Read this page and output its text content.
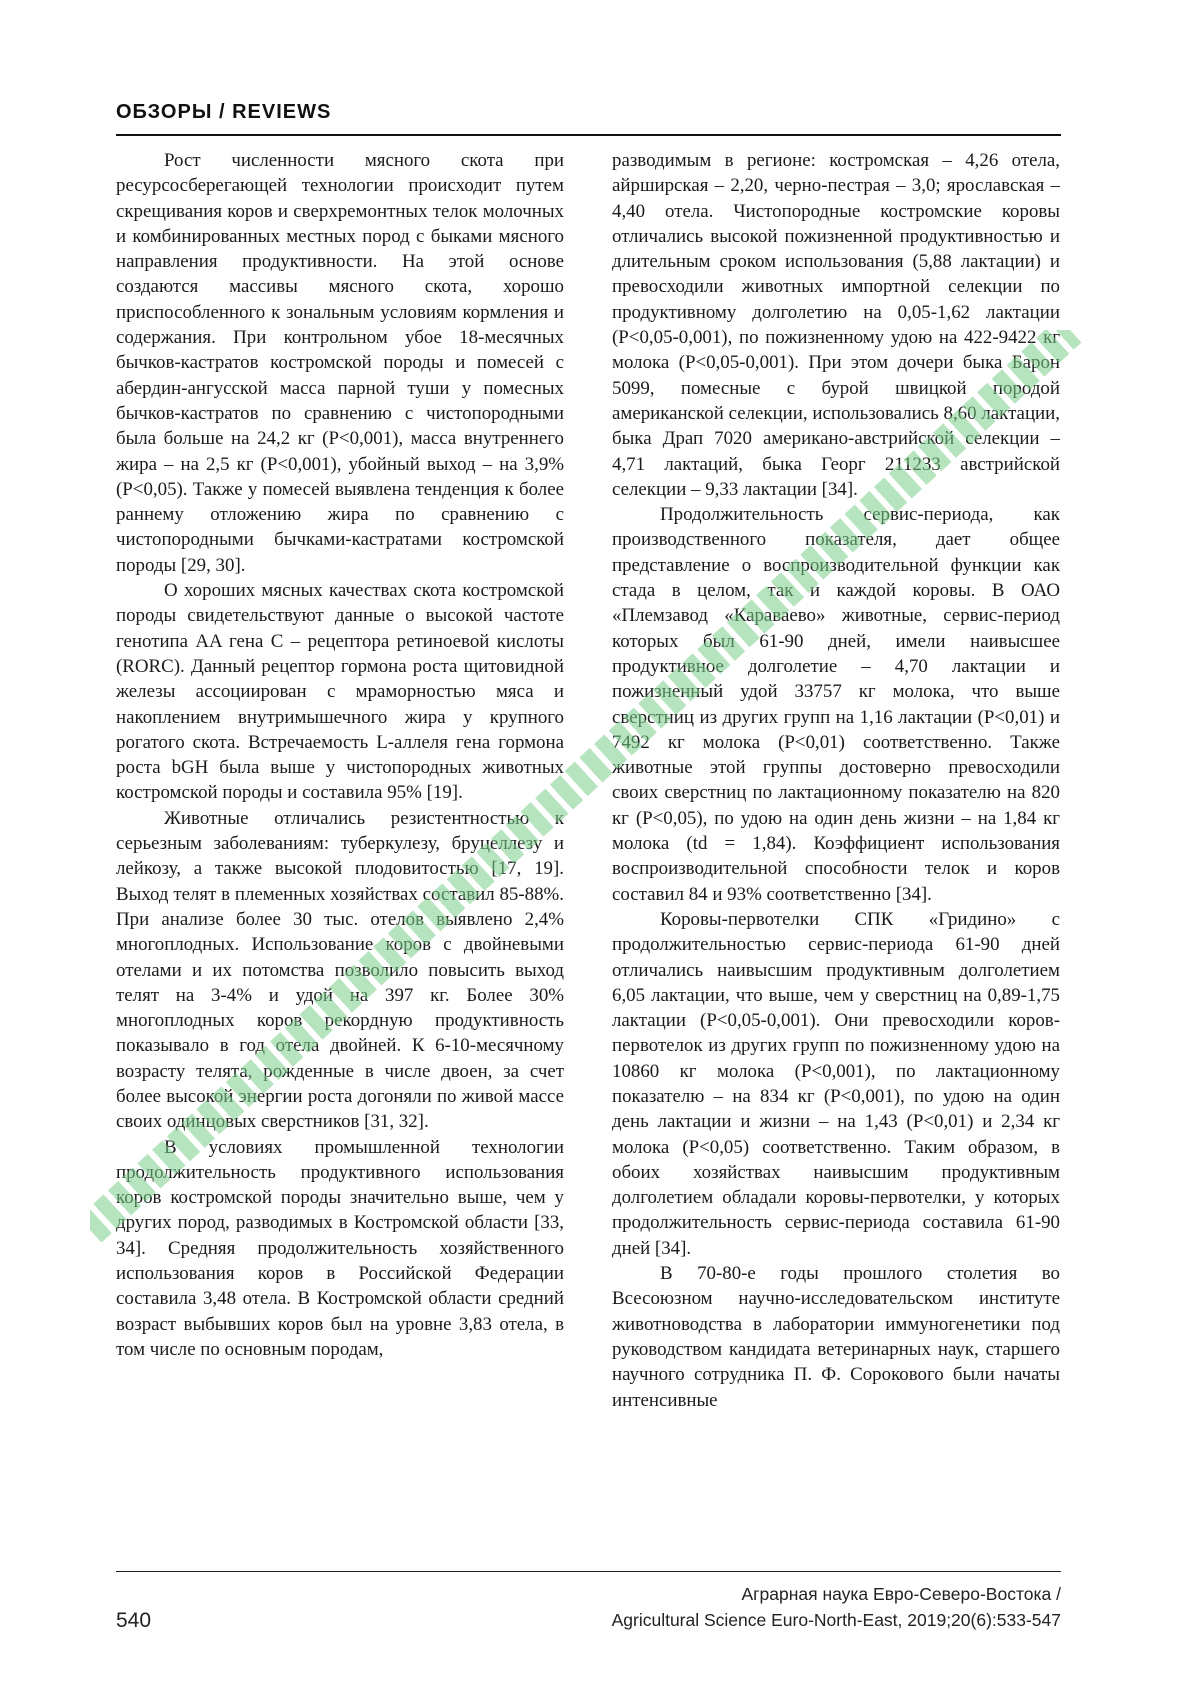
ОБЗОРЫ / REVIEWS

Рост численности мясного скота при ресурсосберегающей технологии происходит путем скрещивания коров и сверхремонтных телок молочных и комбинированных местных пород с быками мясного направления продуктивности. На этой основе создаются массивы мясного скота, хорошо приспособленного к зональным условиям кормления и содержания. При контрольном убое 18-месячных бычков-кастратов костромской породы и помесей с абердин-ангусской масса парной туши у помесных бычков-кастратов по сравнению с чистопородными была больше на 24,2 кг (P<0,001), масса внутреннего жира – на 2,5 кг (P<0,001), убойный выход – на 3,9% (P<0,05). Также у помесей выявлена тенденция к более раннему отложению жира по сравнению с чистопородными бычками-кастратами костромской породы [29, 30].

О хороших мясных качествах скота костромской породы свидетельствуют данные о высокой частоте генотипа AA гена C – рецептора ретиноевой кислоты (RORC). Данный рецептор гормона роста щитовидной железы ассоциирован с мраморностью мяса и накоплением внутримышечного жира у крупного рогатого скота. Встречаемость L-аллеля гена гормона роста bGH была выше у чистопородных животных костромской породы и составила 95% [19].

Животные отличались резистентностью к серьезным заболеваниям: туберкулезу, бруцеллезу и лейкозу, а также высокой плодовитостью [17, 19]. Выход телят в племенных хозяйствах составил 85-88%. При анализе более 30 тыс. отелов выявлено 2,4% многоплодных. Использование коров с двойневыми отелами и их потомства позволило повысить выход телят на 3-4% и удой на 397 кг. Более 30% многоплодных коров рекордную продуктивность показывало в год отела двойней. К 6-10-месячному возрасту телята, рожденные в числе двоен, за счет более высокой энергии роста догоняли по живой массе своих одинцовых сверстников [31, 32].

В условиях промышленной технологии продолжительность продуктивного использования коров костромской породы значительно выше, чем у других пород, разводимых в Костромской области [33, 34]. Средняя продолжительность хозяйственного использования коров в Российской Федерации составила 3,48 отела. В Костромской области средний возраст выбывших коров был на уровне 3,83 отела, в том числе по основным породам,

разводимым в регионе: костромская – 4,26 отела, айрширская – 2,20, черно-пестрая – 3,0; ярославская – 4,40 отела. Чистопородные костромские коровы отличались высокой пожизненной продуктивностью и длительным сроком использования (5,88 лактации) и превосходили животных импортной селекции по продуктивному долголетию на 0,05-1,62 лактации (P<0,05-0,001), по пожизненному удою на 422-9422 кг молока (P<0,05-0,001). При этом дочери быка Барон 5099, помесные с бурой швицкой породой американской селекции, использовались 8,60 лактации, быка Драп 7020 американо-австрийской селекции – 4,71 лактаций, быка Георг 211233 австрийской селекции – 9,33 лактации [34].

Продолжительность сервис-периода, как производственного показателя, дает общее представление о воспроизводительной функции как стада в целом, так и каждой коровы. В ОАО «Племзавод «Караваево» животные, сервис-период которых был 61-90 дней, имели наивысшее продуктивное долголетие – 4,70 лактации и пожизненный удой 33757 кг молока, что выше сверстниц из других групп на 1,16 лактации (P<0,01) и 7492 кг молока (P<0,01) соответственно. Также животные этой группы достоверно превосходили своих сверстниц по лактационному показателю на 820 кг (P<0,05), по удою на один день жизни – на 1,84 кг молока (td = 1,84). Коэффициент использования воспроизводительной способности телок и коров составил 84 и 93% соответственно [34].

Коровы-первотелки СПК «Гридино» с продолжительностью сервис-периода 61-90 дней отличались наивысшим продуктивным долголетием 6,05 лактации, что выше, чем у сверстниц на 0,89-1,75 лактации (P<0,05-0,001). Они превосходили коров-первотелок из других групп по пожизненному удою на 10860 кг молока (P<0,001), по лактационному показателю – на 834 кг (P<0,001), по удою на один день лактации и жизни – на 1,43 (P<0,01) и 2,34 кг молока (P<0,05) соответственно. Таким образом, в обоих хозяйствах наивысшим продуктивным долголетием обладали коровы-первотелки, у которых продолжительность сервис-периода составила 61-90 дней [34].

В 70-80-е годы прошлого столетия во Всесоюзном научно-исследовательском институте животноводства в лаборатории иммуногенетики под руководством кандидата ветеринарных наук, старшего научного сотрудника П. Ф. Сорокового были начаты интенсивные

Аграрная наука Евро-Северо-Востока /
Agricultural Science Euro-North-East, 2019;20(6):533-547
540
